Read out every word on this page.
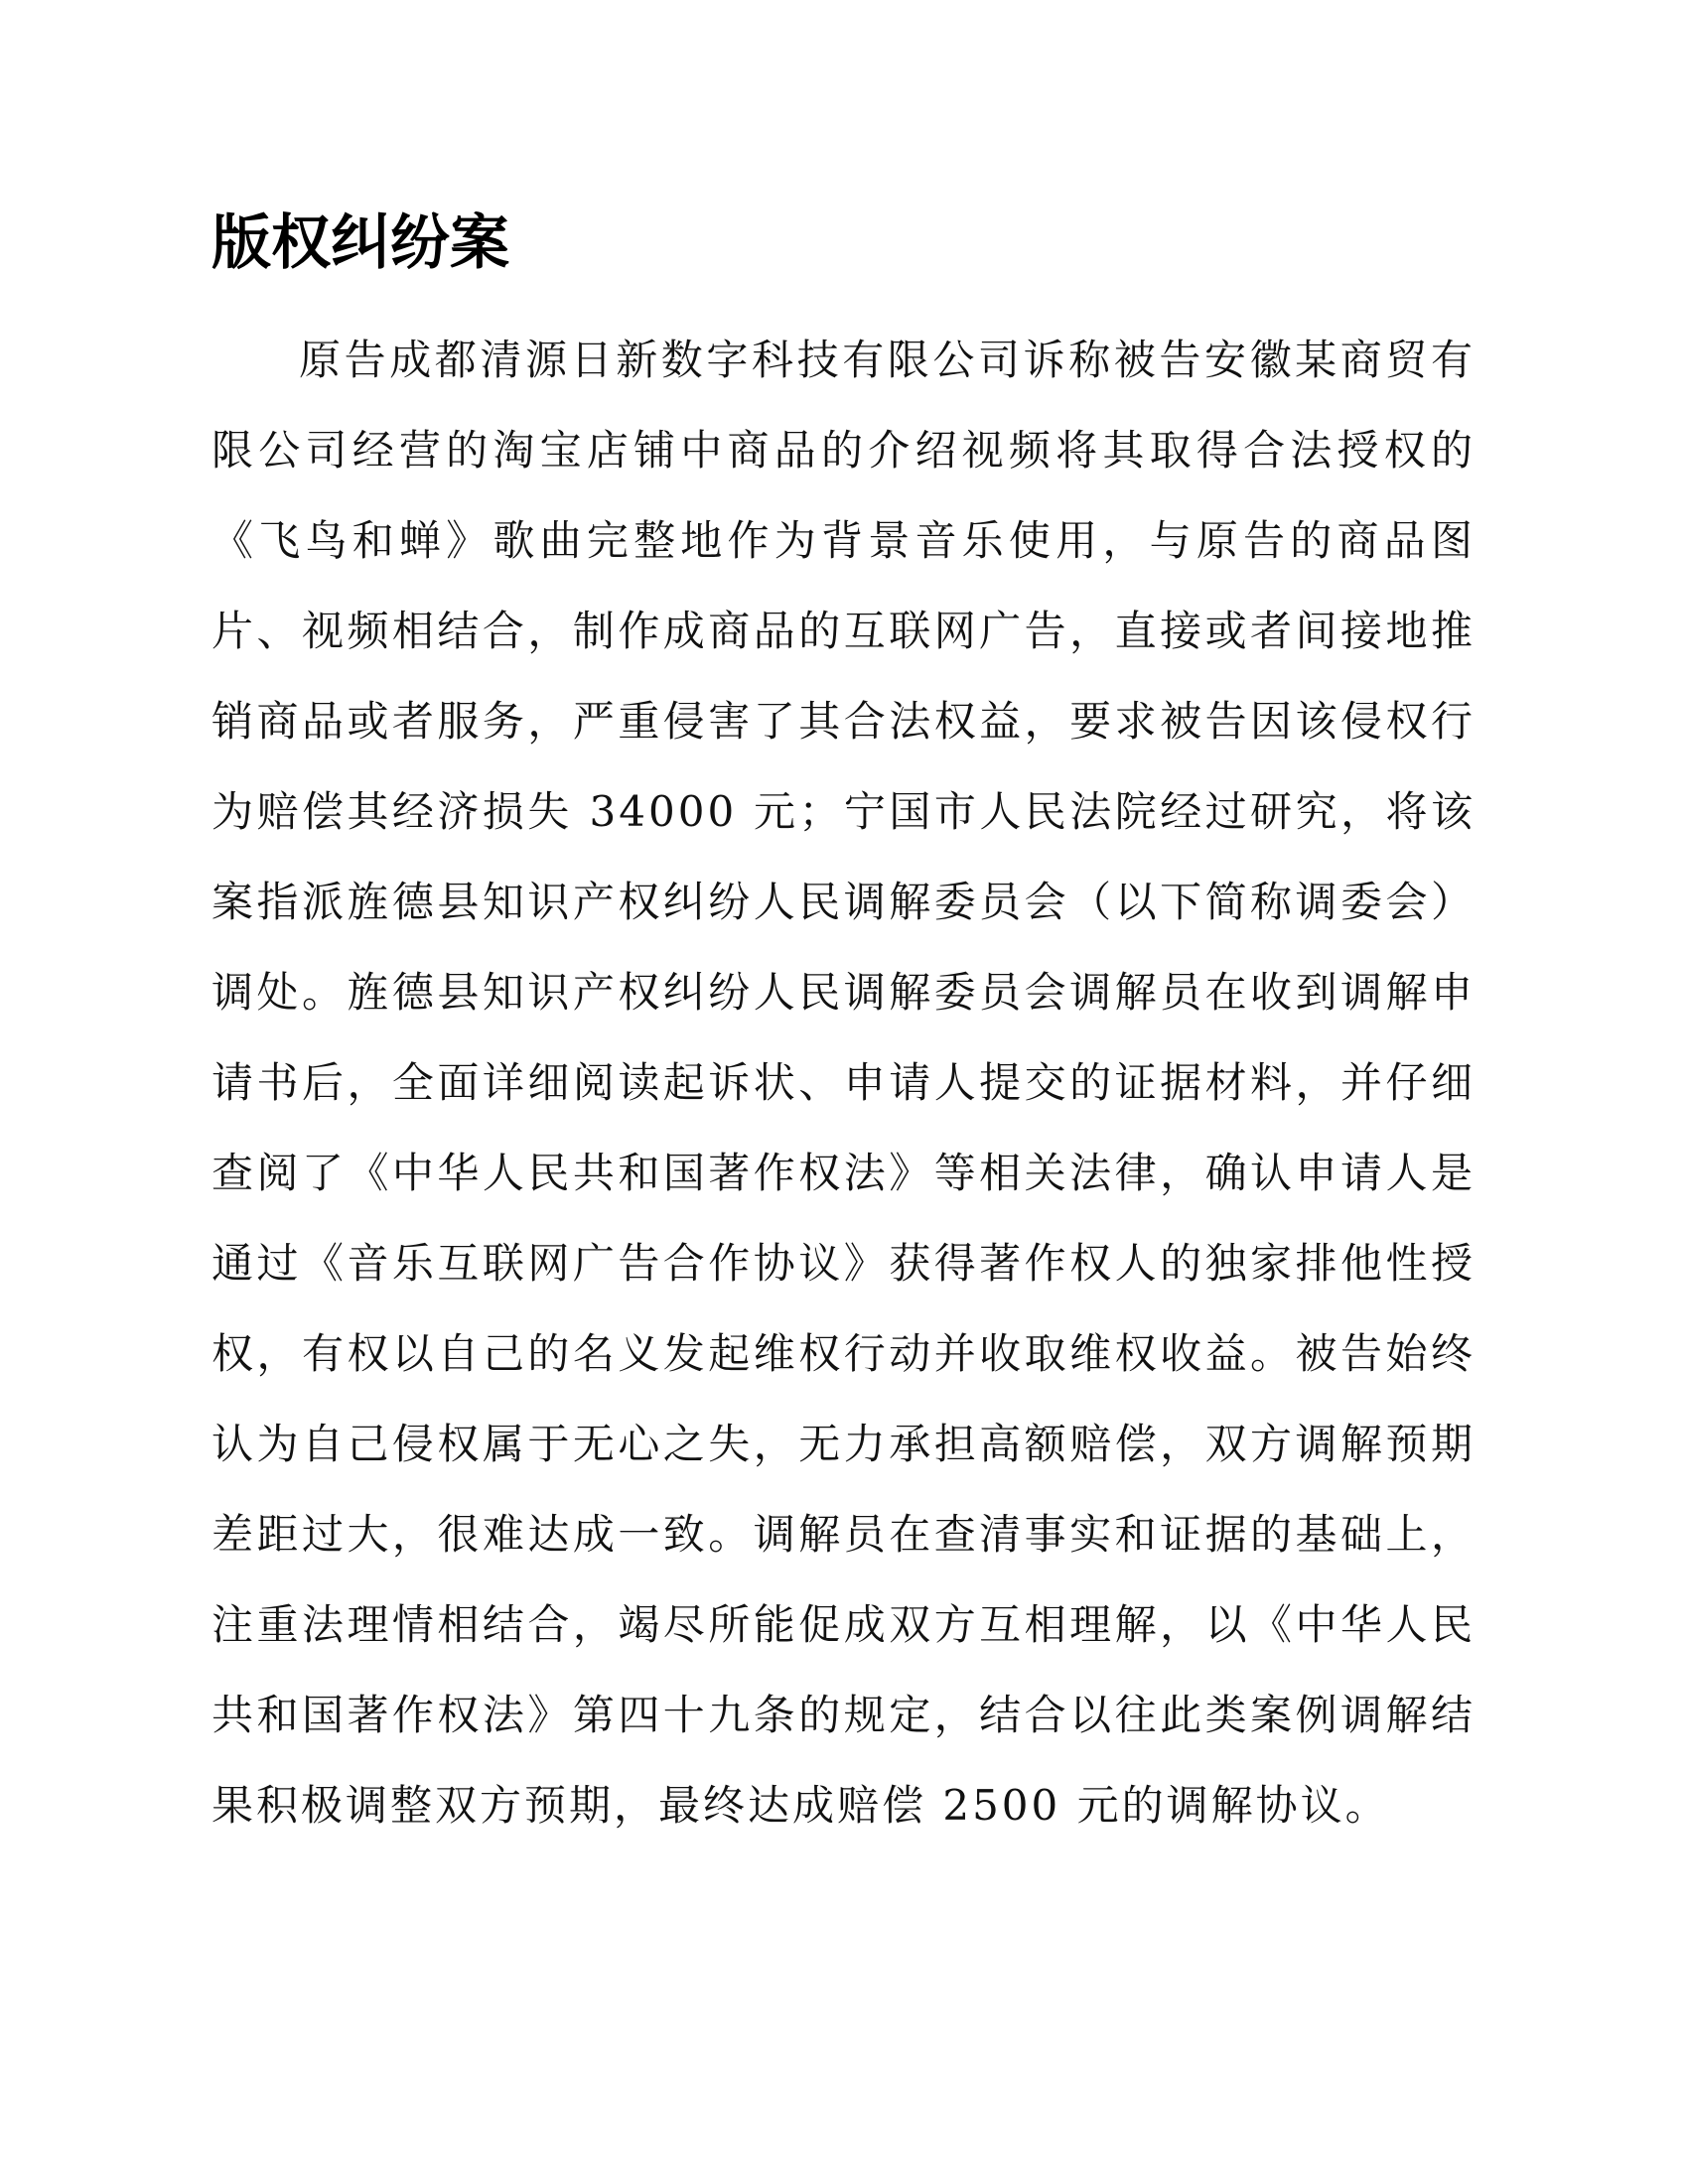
版权纠纷案

原告成都清源日新数字科技有限公司诉称被告安徽某商贸有限公司经营的淘宝店铺中商品的介绍视频将其取得合法授权的《飞鸟和蝉》歌曲完整地作为背景音乐使用，与原告的商品图片、视频相结合，制作成商品的互联网广告，直接或者间接地推销商品或者服务，严重侵害了其合法权益，要求被告因该侵权行为赔偿其经济损失 34000 元；宁国市人民法院经过研究，将该案指派旌德县知识产权纠纷人民调解委员会（以下简称调委会）调处。旌德县知识产权纠纷人民调解委员会调解员在收到调解申请书后，全面详细阅读起诉状、申请人提交的证据材料，并仔细查阅了《中华人民共和国著作权法》等相关法律，确认申请人是通过《音乐互联网广告合作协议》获得著作权人的独家排他性授权，有权以自己的名义发起维权行动并收取维权收益。被告始终认为自己侵权属于无心之失，无力承担高额赔偿，双方调解预期差距过大，很难达成一致。调解员在查清事实和证据的基础上，注重法理情相结合，竭尽所能促成双方互相理解，以《中华人民共和国著作权法》第四十九条的规定，结合以往此类案例调解结果积极调整双方预期，最终达成赔偿 2500 元的调解协议。
